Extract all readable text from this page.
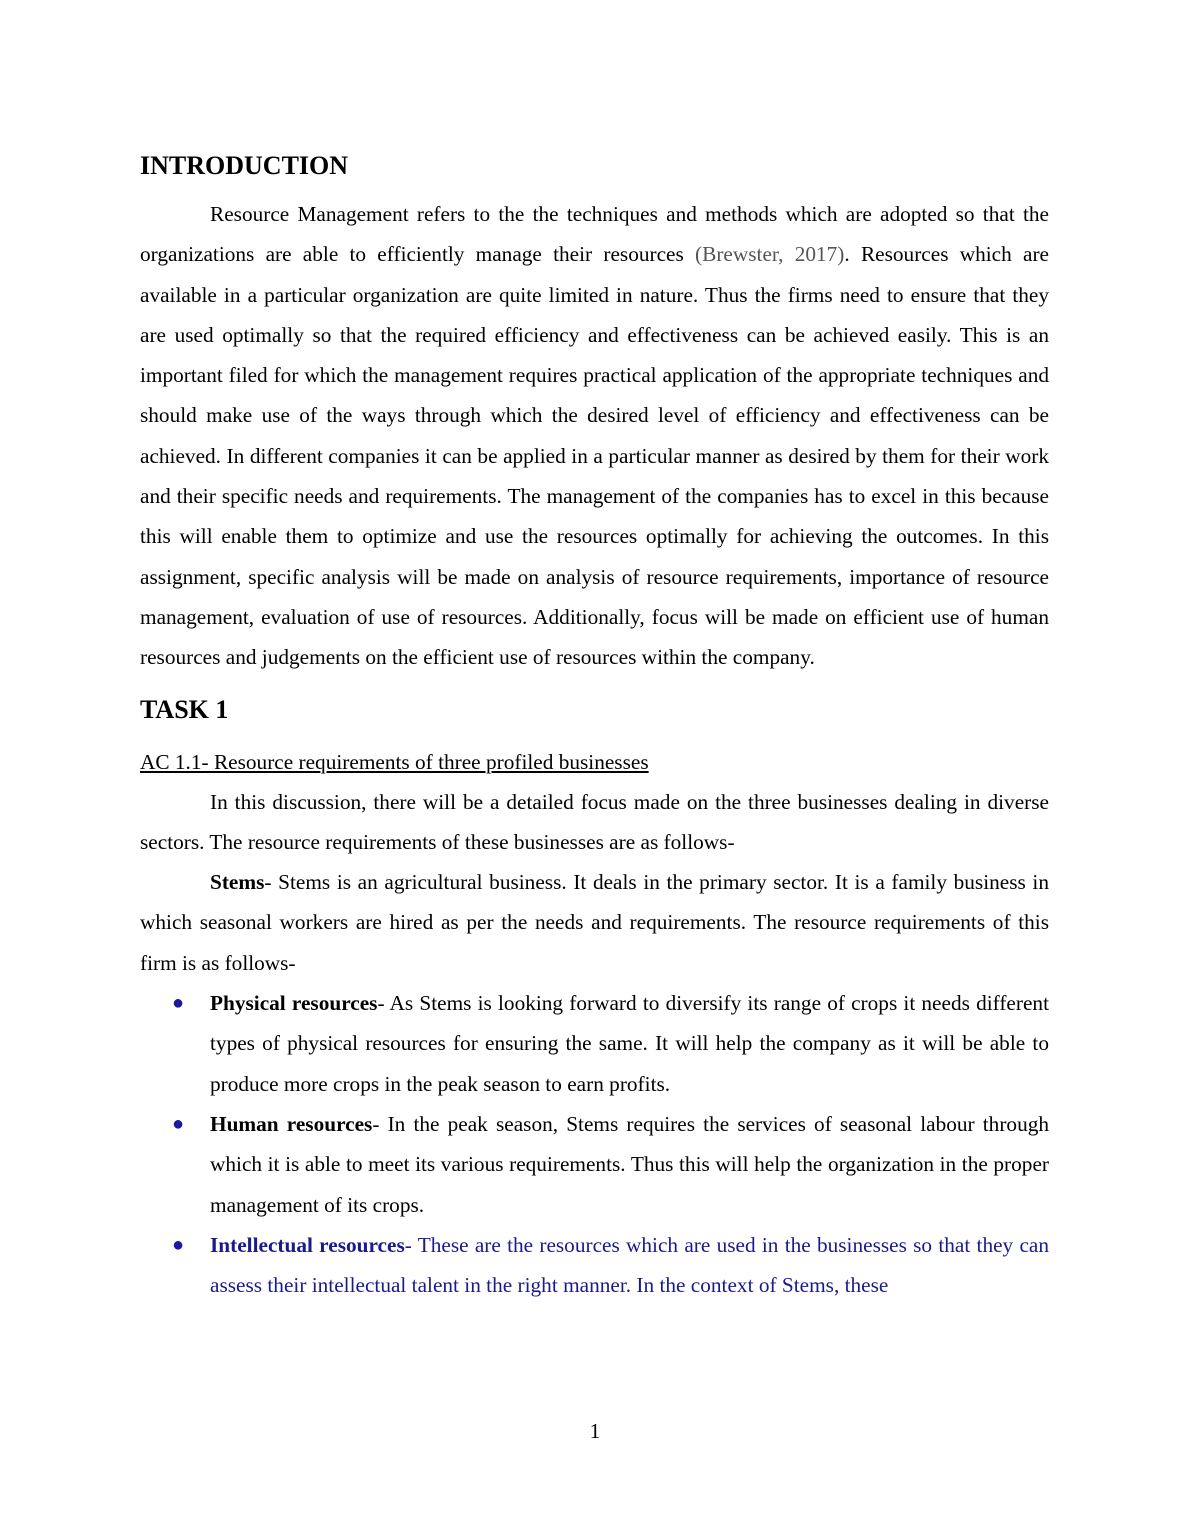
INTRODUCTION

Resource Management refers to the the techniques and methods which are adopted so that the organizations are able to efficiently manage their resources (Brewster, 2017). Resources which are available in a particular organization are quite limited in nature. Thus the firms need to ensure that they are used optimally so that the required efficiency and effectiveness can be achieved easily. This is an important filed for which the management requires practical application of the appropriate techniques and should make use of the ways through which the desired level of efficiency and effectiveness can be achieved. In different companies it can be applied in a particular manner as desired by them for their work and their specific needs and requirements. The management of the companies has to excel in this because this will enable them to optimize and use the resources optimally for achieving the outcomes. In this assignment, specific analysis will be made on analysis of resource requirements, importance of resource management, evaluation of use of resources. Additionally, focus will be made on efficient use of human resources and judgements on the efficient use of resources within the company.

TASK 1

AC 1.1- Resource requirements of three profiled businesses

In this discussion, there will be a detailed focus made on the three businesses dealing in diverse sectors. The resource requirements of these businesses are as follows-

Stems- Stems is an agricultural business. It deals in the primary sector. It is a family business in which seasonal workers are hired as per the needs and requirements. The resource requirements of this firm is as follows-

● Physical resources- As Stems is looking forward to diversify its range of crops it needs different types of physical resources for ensuring the same. It will help the company as it will be able to produce more crops in the peak season to earn profits.
● Human resources- In the peak season, Stems requires the services of seasonal labour through which it is able to meet its various requirements. Thus this will help the organization in the proper management of its crops.
● Intellectual resources- These are the resources which are used in the businesses so that they can assess their intellectual talent in the right manner. In the context of Stems, these
1
